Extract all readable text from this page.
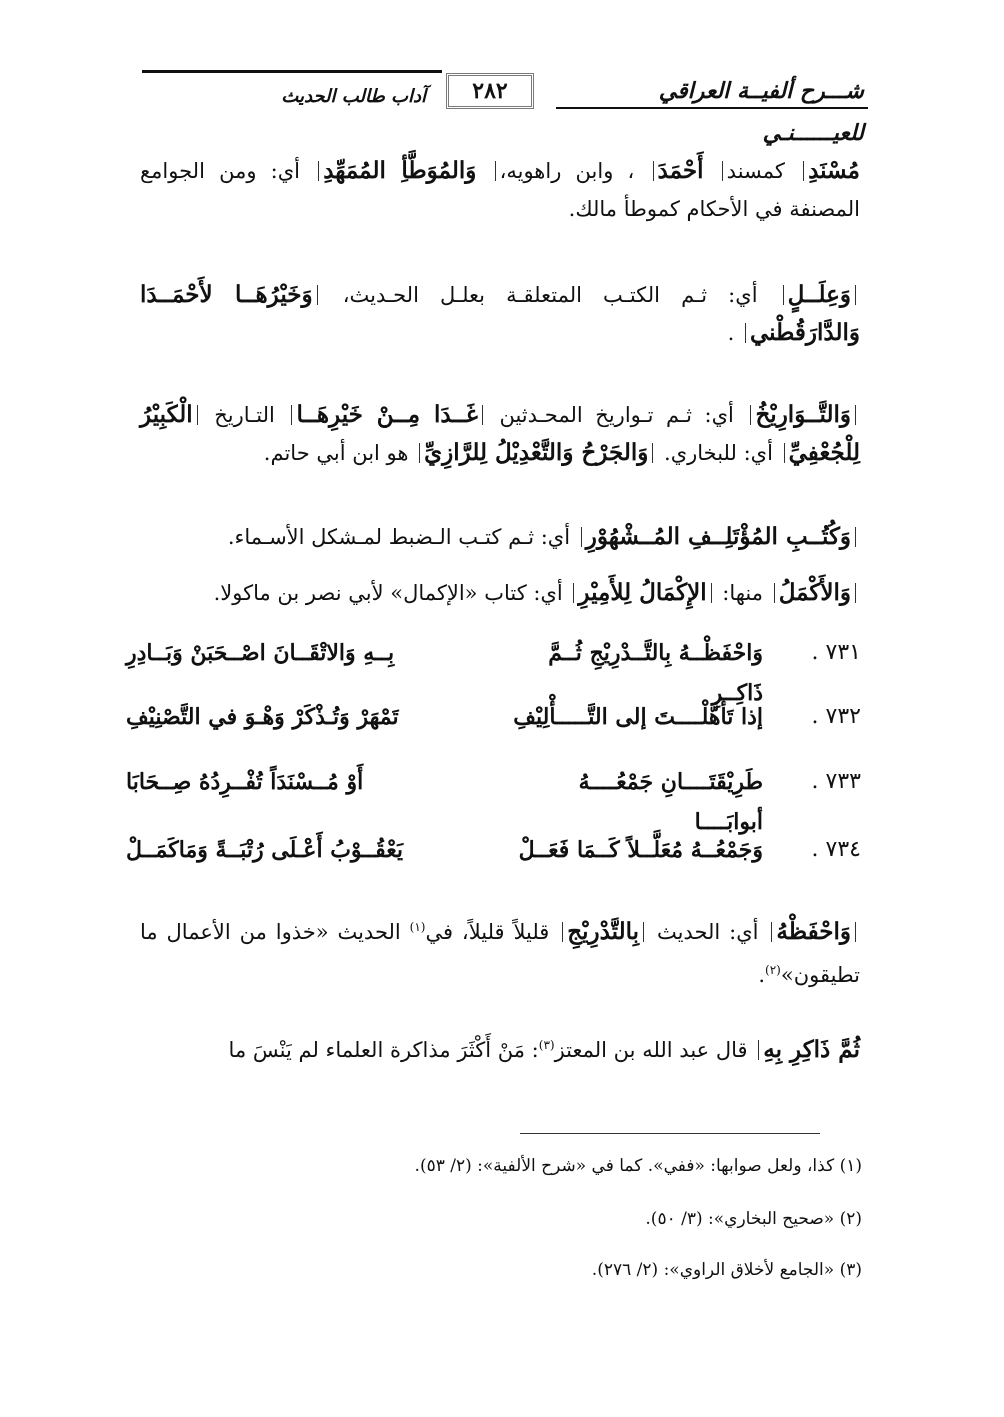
شـــرح ألفيــة العراقي للعيــــــنـي
٢٨٢
آداب طالب الحديث
مُسْنَدِ كمسند أَحْمَدَ ، وابن راهويه، وَالمُوَطَّأِ المُمَهِّدِ أي: ومن الجوامع المصنفة في الأحكام كموطأ مالك.
وَعِلَــلٍ أي: ثـم الكتـب المتعلقـة بعلـل الحـديث، وَخَيْرُهَــا لأَحْمَــدَا وَالدَّارَقُطْني .
وَالتَّــوَارِيْخُ أي: ثـم تـواريخ المحـدثين غَــدَا مِــنْ خَيْرِهَــا التـاريخ الْكَبِيْرُ لِلْجُعْفِيِّ أي: للبخاري. وَالجَرْحُ وَالتَّعْدِيْلُ لِلرَّازِيِّ هو ابن أبي حاتم.
وَكُتُــبِ المُؤْتَلِــفِ المُــشْهُوْرِ أي: ثـم كتـب الـضبط لمـشكل الأسـماء.
وَالأَكْمَلُ منها: الإِكْمَالُ لِلأَمِيْرِ أي: كتاب «الإكمال» لأبي نصر بن ماكولا.
٧٣١ .
وَاحْفَظْــهُ بِالتَّــدْرِيْجِ ثُــمَّ ذَاكِــرِ
بِــهِ وَالاتْقَــانَ اصْــحَبَنْ وَبَــادِرِ
٧٣٢ .
إذا تَأَهَّلْــــتَ إلى التَّـــــأْلِيْفِ
تَمْهَرْ وَتُـذْكَرْ وَهْـوَ في التَّصْنِيْفِ
٧٣٣ .
طَرِيْقَتَــــانِ جَمْعُــــهُ أبوابَــــا
أَوْ مُــسْنَدَاً تُفْــرِدُهُ صِــحَابَا
٧٣٤ .
وَجَمْعُــهُ مُعَلَّــلاً كَــمَا فَعَــلْ
يَعْقُــوْبُ أَعْـلَى رُتْبَــةً وَمَاكَمَــلْ
وَاحْفَظْهُ أي: الحديث بِالتَّدْرِيْجِ قليلاً قليلاً، في$^{(١)}$ الحديث «خذوا من الأعمال ما تطيقون»$^{(٢)}$.
ثُمَّ ذَاكِرِ بِهِ قال عبد الله بن المعتز$^{(٣)}$: مَنْ أَكْثَرَ مذاكرة العلماء لم يَنْسَ ما
(١) كذا، ولعل صوابها: «ففي». كما في «شرح الألفية»: (٢/ ٥٣).
(٢) «صحيح البخاري»: (٣/ ٥٠).
(٣) «الجامع لأخلاق الراوي»: (٢/ ٢٧٦).
